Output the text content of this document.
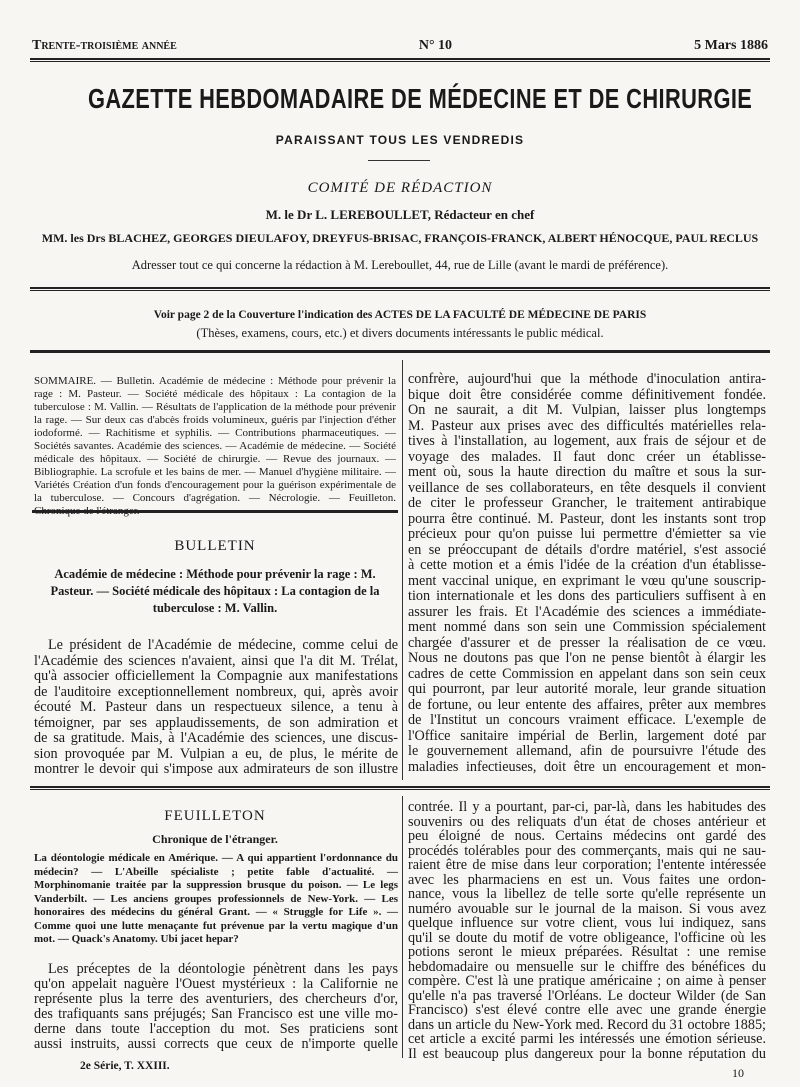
Trente-troisième année	N° 10	5 Mars 1886
GAZETTE HEBDOMADAIRE DE MÉDECINE ET DE CHIRURGIE
PARAISSANT TOUS LES VENDREDIS
COMITÉ DE RÉDACTION
M. le Dr L. LEREBOULLET, Rédacteur en chef
MM. les Drs BLACHEZ, GEORGES DIEULAFOY, DREYFUS-BRISAC, FRANÇOIS-FRANCK, ALBERT HÉNOCQUE, PAUL RECLUS
Adresser tout ce qui concerne la rédaction à M. Lereboullet, 44, rue de Lille (avant le mardi de préférence).
Voir page 2 de la Couverture l'indication des ACTES DE LA FACULTÉ DE MÉDECINE DE PARIS
(Thèses, examens, cours, etc.) et divers documents intéressants le public médical.
SOMMAIRE. — Bulletin. Académie de médecine : Méthode pour prévenir la rage : M. Pasteur. — Société médicale des hôpitaux : La contagion de la tuberculose : M. Vallin. — Résultats de l'application de la méthode pour prévenir la rage. — Sur deux cas d'abcès froids volumineux, guéris par l'injection d'éther iodoformé. — Rachitisme et syphilis. — Contributions pharmaceutiques. — Sociétés savantes. Académie des sciences. — Académie de médecine. — Société médicale des hôpitaux. — Société de chirurgie. — Revue des journaux. — Bibliographie. La scrofule et les bains de mer. — Manuel d'hygiène militaire. — Variétés Création d'un fonds d'encouragement pour la guérison expérimentale de la tuberculose. — Concours d'agrégation. — Nécrologie. — Feuilleton. Chronique de l'étranger.
BULLETIN
Académie de médecine : Méthode pour prévenir la rage : M. Pasteur. — Société médicale des hôpitaux : La contagion de la tuberculose : M. Vallin.
Le président de l'Académie de médecine, comme celui de
l'Académie des sciences n'avaient, ainsi que l'a dit M. Trélat,
qu'à associer officiellement la Compagnie aux manifestations
de l'auditoire exceptionnellement nombreux, qui, après avoir
écouté M. Pasteur dans un respectueux silence, a tenu à
témoigner, par ses applaudissements, de son admiration et
de sa gratitude. Mais, à l'Académie des sciences, une discus-
sion provoquée par M. Vulpian a eu, de plus, le mérite de
montrer le devoir qui s'impose aux admirateurs de son illustre
confrère, aujourd'hui que la méthode d'inoculation antira-
bique doit être considérée comme définitivement fondée.
On ne saurait, a dit M. Vulpian, laisser plus longtemps
M. Pasteur aux prises avec des difficultés matérielles rela-
tives à l'installation, au logement, aux frais de séjour et de
voyage des malades. Il faut donc créer un établisse-
ment où, sous la haute direction du maître et sous la sur-
veillance de ses collaborateurs, en tête desquels il convient
de citer le professeur Grancher, le traitement antirabique
pourra être continué. M. Pasteur, dont les instants sont trop
précieux pour qu'on puisse lui permettre d'émietter sa vie
en se préoccupant de détails d'ordre matériel, s'est associé
à cette motion et a émis l'idée de la création d'un établisse-
ment vaccinal unique, en exprimant le vœu qu'une souscrip-
tion internationale et les dons des particuliers suffisent à en
assurer les frais. Et l'Académie des sciences a immédiate-
ment nommé dans son sein une Commission spécialement
chargée d'assurer et de presser la réalisation de ce vœu.
Nous ne doutons pas que l'on ne pense bientôt à élargir les
cadres de cette Commission en appelant dans son sein ceux
qui pourront, par leur autorité morale, leur grande situation
de fortune, ou leur entente des affaires, prêter aux membres
de l'Institut un concours vraiment efficace. L'exemple de
l'Office sanitaire impérial de Berlin, largement doté par
le gouvernement allemand, afin de poursuivre l'étude des
maladies infectieuses, doit être un encouragement et mon-
FEUILLETON
Chronique de l'étranger.
La déontologie médicale en Amérique. — A qui appartient l'ordonnance du médecin? — L'Abeille spécialiste ; petite fable d'actualité. — Morphinomanie traitée par la suppression brusque du poison. — Le legs Vanderbilt. — Les anciens groupes professionnels de New-York. — Les honoraires des médecins du général Grant. — « Struggle for Life ». — Comme quoi une lutte menaçante fut prévenue par la vertu magique d'un mot. — Quack's Anatomy. Ubi jacet hepar?
Les préceptes de la déontologie pénètrent dans les pays
qu'on appelait naguère l'Ouest mystérieux : la Californie ne
représente plus la terre des aventuriers, des chercheurs d'or,
des trafiquants sans préjugés; San Francisco est une ville mo-
derne dans toute l'acception du mot. Ses praticiens sont
aussi instruits, aussi corrects que ceux de n'importe quelle
2e Série, T. XXIII.
contrée. Il y a pourtant, par-ci, par-là, dans les habitudes des
souvenirs ou des reliquats d'un état de choses antérieur et
peu éloigné de nous. Certains médecins ont gardé des
procédés tolérables pour des commerçants, mais qui ne sau-
raient être de mise dans leur corporation; l'entente intéressée
avec les pharmaciens en est un. Vous faites une ordon-
nance, vous la libellez de telle sorte qu'elle représente un
numéro avouable sur le journal de la maison. Si vous avez
quelque influence sur votre client, vous lui indiquez, sans
qu'il se doute du motif de votre obligeance, l'officine où les
potions seront le mieux préparées. Résultat : une remise
hebdomadaire ou mensuelle sur le chiffre des bénéfices du
compère. C'est là une pratique américaine ; on aime à penser
qu'elle n'a pas traversé l'Orléans. Le docteur Wilder (de San
Francisco) s'est élevé contre elle avec une grande énergie
dans un article du New-York med. Record du 31 octobre 1885;
cet article a excité parmi les intéressés une émotion sérieuse.
Il est beaucoup plus dangereux pour la bonne réputation du
10
